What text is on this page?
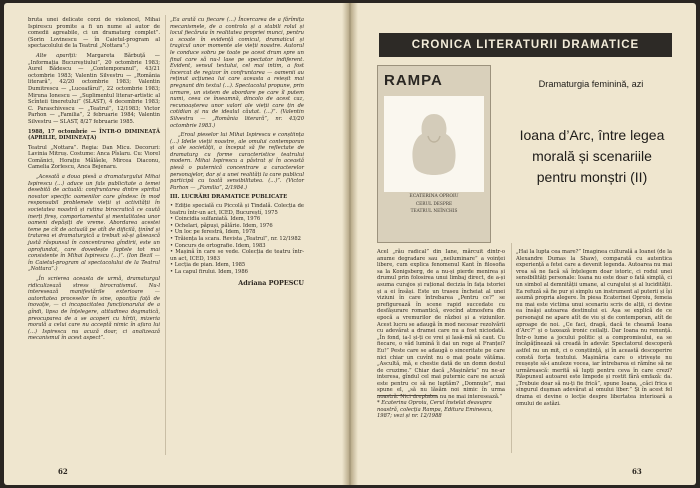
bruta unei delicate corzi de violoncel, Mihai Ispirescu promite a fi un nume al autor de comedii agreabile, ci un dramaturg complet”. (Sorin Lovinescu — în Caietul-program al spectacolului de la Teatrul „Nottara”.)

Alte apariții: Margareta Bărbuță — „Informația Bucureștiului”, 20 octombrie 1983; Aurel Bădescu — „Contemporanul”, 43/21 octombrie 1983; Valentin Silvestru — „România literară”, 42/20 octombrie 1983; Valentin Dumitrescu — „Luceafărul”, 22 octombrie 1983; Miruna Ionescu — „Suplimentul literar-artistic al Scînteii tineretului” (SLAST), 4 decembrie 1983; C. Paraschivescu — „Teatrul”, 12/1983; Victor Parhon — „Familia”, 2 februarie 1984; Valentin Silvestru — SLAST, 8/27 februarie 1985.

1988, 17 octombrie — ÎNTR-O DIMINEAȚĂ (APRILIE, DIMINEAȚA)

Teatrul „Nottara”. Regia: Dan Micu. Decoruri: Lavinia Mitruș. Costume: Anca Pîslaru. Cu: Viorel Comănici, Horațiu Mălăele, Mircea Diaconu, Camelia Zorlescu, Anca Bejenaru.

„Acesată a doua piesă a dramaturgului Mihai Ispirescu (...) aduce un fals publicitate a temei desebită de actuală: confruntarea dintre spiritul novator specific oamenilor care gîndesc în mod responsabil problemele vieții și activității în societatea noastră și rutina birocratică ce caută inerți fireș, comportamentul și mentalitatea unor oameni depășiți de vreme. Abordarea acestei teme pe cît de actuală pe atît de dificilă, ținînd și tratarea ei dramaturgică a trebuit să-și găsească justă răspunsul în concentrarea gîndirii, este un aprofundat, care dovedește faptele tot mai consistente în Mihai Ispirescu (...)”. (Ion Bezil — în Caietul-program al spectacolului de la Teatrul „Nottara”.)

„În scrierea aceasta de urmă, dramaturgul ridiculizează stress birocratismul. Nu-l interesează manifestările exterioare — autoritatea proceselor în sine, opoziția față de inovație, — ci incapacitatea funcționarului de a gîndi, lipsa de înțelegere, atitudinea dogmatică, preocuparea de a se acoperi cu hîrtii, mizeria morală a celui care nu acceptă nimic în afara lui (...) Ispirescu nu acuză doar, ci analizează mecanismul în acest aspect”.

„Ea arată cu fiecare (...) Încercarea de a fărîmița mecanismele, de a controla și a stabili rolul și locul fiecăruia în realitatea propriei munci, pentru a scoate în evidență comicul, dramaticul și tragicul unor momente ale vieții noastre. Autorul le conduce sobru pe toate pe acest drum spre un final care să nu-l lase pe spectator indiferent. Evident, sensul textului, cel mai intim, a fost încercat de regizor în confruntarea — oamenii au reținut acțiunea lui care aceasta a reieșit mai pregnant din textul (...). Spectacolul propune, prin urmare, un sistem de abordare pe care îl putem numi, ceea ce înseamnă, dincolo de acest caz, recunoașterea unor valori ale vieții care țin de cotidian și nu de idealul căutat. (...)”. (Valentin Silvestru — „România literară”, nr. 43/20 octombrie 1983.)

„Eroul pieselor lui Mihai Ispirescu e conștiința (...) Ideile vieții noastre, ale omului contemporan și ale societății, a început să fie reflectate de dramaturg cu forme caracteristice teatrului modern. Mihai Ispirescu a păstrat și în această piesă o puternică concentrare a caracterelor personajelor, dar și a unei realități la care publicul participă cu toată sensibilitatea. (...)”. (Victor Parhon — „Familia”, 2/1984.)

III. LUCRĂRI DRAMATICE PUBLICATE
• Ediție specială cu Piccolă și Tindală. Colecția de teatru într-un act, ICED, Bucureștí, 1975
• Coincidia sulfaniată. Idem, 1976
• Ochelari, păpuși, pălărie. Idem, 1976
• Un loc pe ferestră, Idem, 1978
• Trăiența la scara. Revista „Teatrul”, nr. 12/1982
• Concurs de ortografie. Idem, 1983
• Mașină în care se vede. Colecția de teatru într-un act, ICED, 1983
• Lecția de pian. Idem, 1985
• La capul firului. Idem, 1986
Adriana POPESCU
62
CRONICA LITERATURII DRAMATICE
Dramaturgia feminină, azi
Ioana d’Arc, între legea
morală și scenariile
pentru monștri (II)
RAMPA
ECATERINA OPROIU
CERUL DESPRE
TEATRUL NEÎNCHIS

Acel „rău radical” din Iane, mărcuit dintr-o anume degradare sau „neiluminare” a voinței libere, cum explica fenomenul Kant în filosofia sa la Konigsberg, de a nu-și pierde menirea și drumul prin folosirea unui limbaj direct, de a-și asuma curajos și rațional decizia în fața istoriei și a ei însăși. Este un traseu încheiat al unei viziuni în care întrebarea „Pentru ce?” se prefigurează în scene rapid succedate cu desfășurare romantică, evocînd atmosfera din epocă a vremurilor de război și a viziunilor. Acest lucru se adaugă în mod necesar rezolvării cu adevărat a dramei care nu a fost niciodată. „În fond, ia-l și-ți ce vrei și lasă-mă să caut. Cu fiecare, o văd lumină îi dai un rege al Franței? Eu!” Peste care se adaugă o sinceritate pe care nici chiar un cuvînt nu o mai poate vătăma. „Ascultă, mă, e chestie dată de un domn destul de cruzime.” Chiar dacă „Mașinăria” nu ne-ar interesa, gîndul cel mai puternic care ne acuză este pentru ce să ne luptăm? „Domnule”, mai spune el, „să nu lăsăm noi nimic în urma noastră. Nici dreptatea nu ne mai interesează.”

* Ecaterina Oproiu, Cerul înstelat deasupra noastră, colecția Rampa, Editura Eminescu, 1987; vezi și nr. 12/1988

„Hai la lupta cea mare?” Imaginea culturală a Ioanei (de la Alexandre Dumas la Shaw), comparată cu autentica experiență a fetei care a devenit legenda. Autoarea nu mai vrea să ne facă să înțelegem doar istoric, ci rodul unei sensibilități personale: Ioana nu este doar o fată simplă, ci un simbol al demnității umane, al curajului și al lucidității. Ea refuză să fie pur și simplu un instrument al puterii și își asumă propria alegere. În piesa Ecaterinei Oproiu, femeia nu mai este victima unui scenariu scris de alții, ci devine ea însăși autoarea destinului ei. Așa se explică de ce personajul ne apare atît de viu și de contemporan, atît de aproape de noi. „Ce faci, dragă, dacă te cheamă Ioana d’Arc?” și o taxează ironic ceilalți. Dar Ioana nu renunță. Într-o lume a jocului politic și a compromisului, ea se încăpățînează să creadă în adevăr. Spectatorul descoperă astfel nu un mit, ci o conștiință, și în această descoperire constă forța textului. Mașinăria care o strivește nu reușește să-i anuleze vocea, iar întrebarea ei rămîne să ne urmărească: merită să lupți pentru ceva în care crezi? Răspunsul autoarei este limpede și rostit fără emfază: da. „Trebuie doar să nu-ți fie frică”, spune Ioana, „căci frica e singurul dușman adevărat al omului liber.” Și în acest fel drama ei devine o lecție despre libertatea interioară a omului de astăzi.

63
